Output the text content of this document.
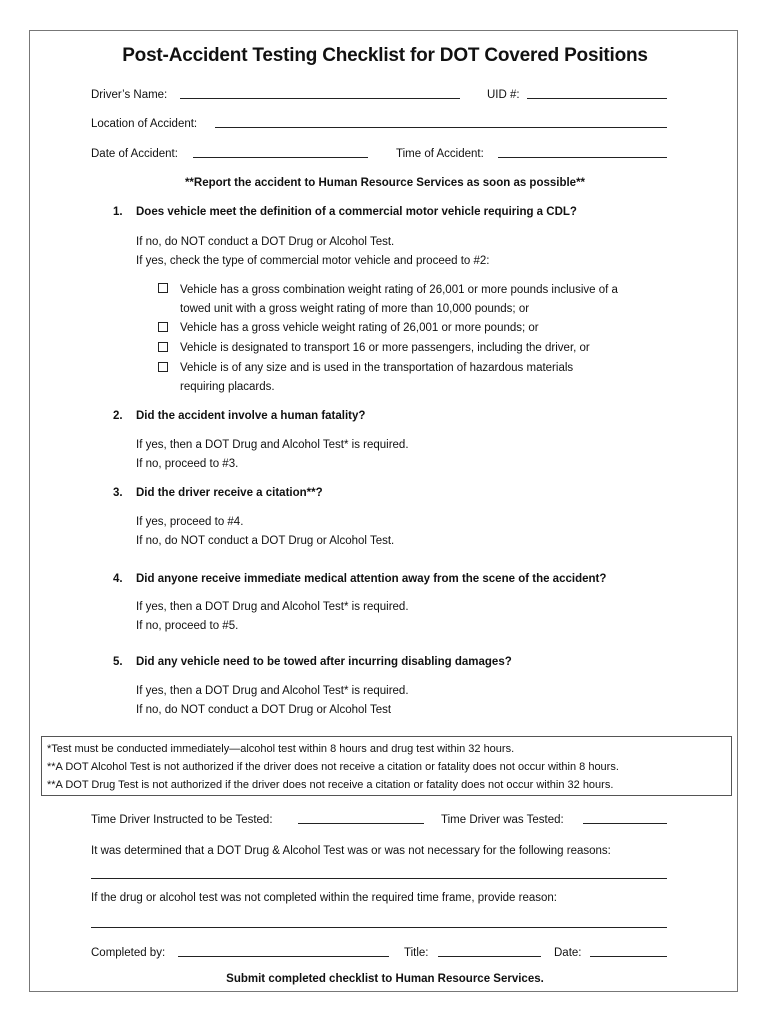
Post-Accident Testing Checklist for DOT Covered Positions
Driver’s Name:	UID #:
Location of Accident:
Date of Accident:	Time of Accident:
**Report the accident to Human Resource Services as soon as possible**
1. Does vehicle meet the definition of a commercial motor vehicle requiring a CDL?
If no, do NOT conduct a DOT Drug or Alcohol Test.
If yes, check the type of commercial motor vehicle and proceed to #2:
Vehicle has a gross combination weight rating of 26,001 or more pounds inclusive of a
towed unit with a gross weight rating of more than 10,000 pounds; or
Vehicle has a gross vehicle weight rating of 26,001 or more pounds; or
Vehicle is designated to transport 16 or more passengers, including the driver, or
Vehicle is of any size and is used in the transportation of hazardous materials
requiring placards.
2. Did the accident involve a human fatality?
If yes, then a DOT Drug and Alcohol Test* is required.
If no, proceed to #3.
3. Did the driver receive a citation**?
If yes, proceed to #4.
If no, do NOT conduct a DOT Drug or Alcohol Test.
4. Did anyone receive immediate medical attention away from the scene of the accident?
If yes, then a DOT Drug and Alcohol Test* is required.
If no, proceed to #5.
5. Did any vehicle need to be towed after incurring disabling damages?
If yes, then a DOT Drug and Alcohol Test* is required.
If no, do NOT conduct a DOT Drug or Alcohol Test
*Test must be conducted immediately—alcohol test within 8 hours and drug test within 32 hours.
**A DOT Alcohol Test is not authorized if the driver does not receive a citation or fatality does not occur within 8 hours.
**A DOT Drug Test is not authorized if the driver does not receive a citation or fatality does not occur within 32 hours.
Time Driver Instructed to be Tested:	Time Driver was Tested:
It was determined that a DOT Drug & Alcohol Test was or was not necessary for the following reasons:
If the drug or alcohol test was not completed within the required time frame, provide reason:
Completed by:	Title:	Date:
Submit completed checklist to Human Resource Services.
